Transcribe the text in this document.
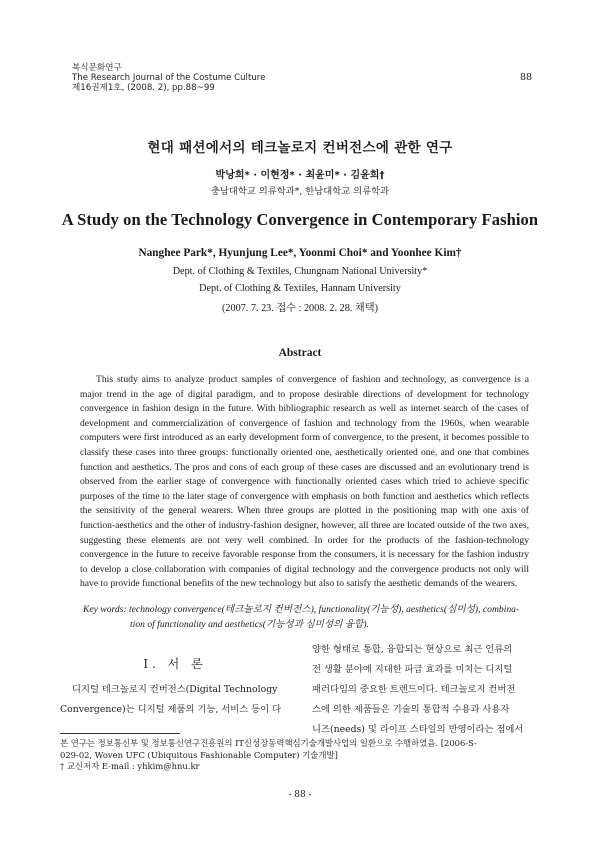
복식문화연구
The Research Journal of the Costume Culture
제16권제1호, (2008. 2), pp.88~99
88
현대 패션에서의 테크놀로지 컨버전스에 관한 연구
박낭희* · 이현정* · 최윤미* · 김윤희†
충남대학교 의류학과*, 한남대학교 의류학과
A Study on the Technology Convergence in Contemporary Fashion
Nanghee Park*, Hyunjung Lee*, Yoonmi Choi* and Yoonhee Kim†
Dept. of Clothing & Textiles, Chungnam National University*
Dept. of Clothing & Textiles, Hannam University
(2007. 7. 23. 접수 : 2008. 2. 28. 채택)
Abstract
This study aims to analyze product samples of convergence of fashion and technology, as convergence is a major trend in the age of digital paradigm, and to propose desirable directions of development for technology convergence in fashion design in the future. With bibliographic research as well as internet search of the cases of development and commercialization of convergence of fashion and technology from the 1960s, when wearable computers were first introduced as an early development form of convergence, to the present, it becomes possible to classify these cases into three groups: functionally oriented one, aesthetically oriented one, and one that combines function and aesthetics. The pros and cons of each group of these cases are discussed and an evolutionary trend is observed from the earlier stage of convergence with functionally oriented cases which tried to achieve specific purposes of the time to the later stage of convergence with emphasis on both function and aesthetics which reflects the sensitivity of the general wearers. When three groups are plotted in the positioning map with one axis of function-aesthetics and the other of industry-fashion designer, however, all three are located outside of the two axes, suggesting these elements are not very well combined. In order for the products of the fashion-technology convergence in the future to receive favorable response from the consumers, it is necessary for the fashion industry to develop a close collaboration with companies of digital technology and the convergence products not only will have to provide functional benefits of the new technology but also to satisfy the aesthetic demands of the wearers.
Key words: technology convergence(테크놀로지 컨버전스), functionality(기능성), aesthetics(심미성), combina-
tion of functionality and aesthetics(기능성과 심미성의 융합).
I. 서 론
디지털 테크놀로지 컨버전스(Digital Technology
Convergence)는 디지털 제품의 기능, 서비스 등이 다
양한 형태로 통합, 융합되는 현상으로 최근 인류의
전 생활 분야에 지대한 파급 효과를 미치는 디지털
패러다임의 중요한 트렌드이다. 테크놀로지 컨버전
스에 의한 제품들은 기술의 통합적 수용과 사용자
니즈(needs) 및 라이프 스타일의 반영이라는 점에서
본 연구는 정보통신부 및 정보통신연구진흥원의 IT신성장동력핵심기술개발사업의 일환으로 수행하였음. [2006-S-
029-02, Woven UFC (Ubiquitous Fashionable Computer) 기술개발]
† 교신저자 E-mail : yhkim@hnu.kr
- 88 -
